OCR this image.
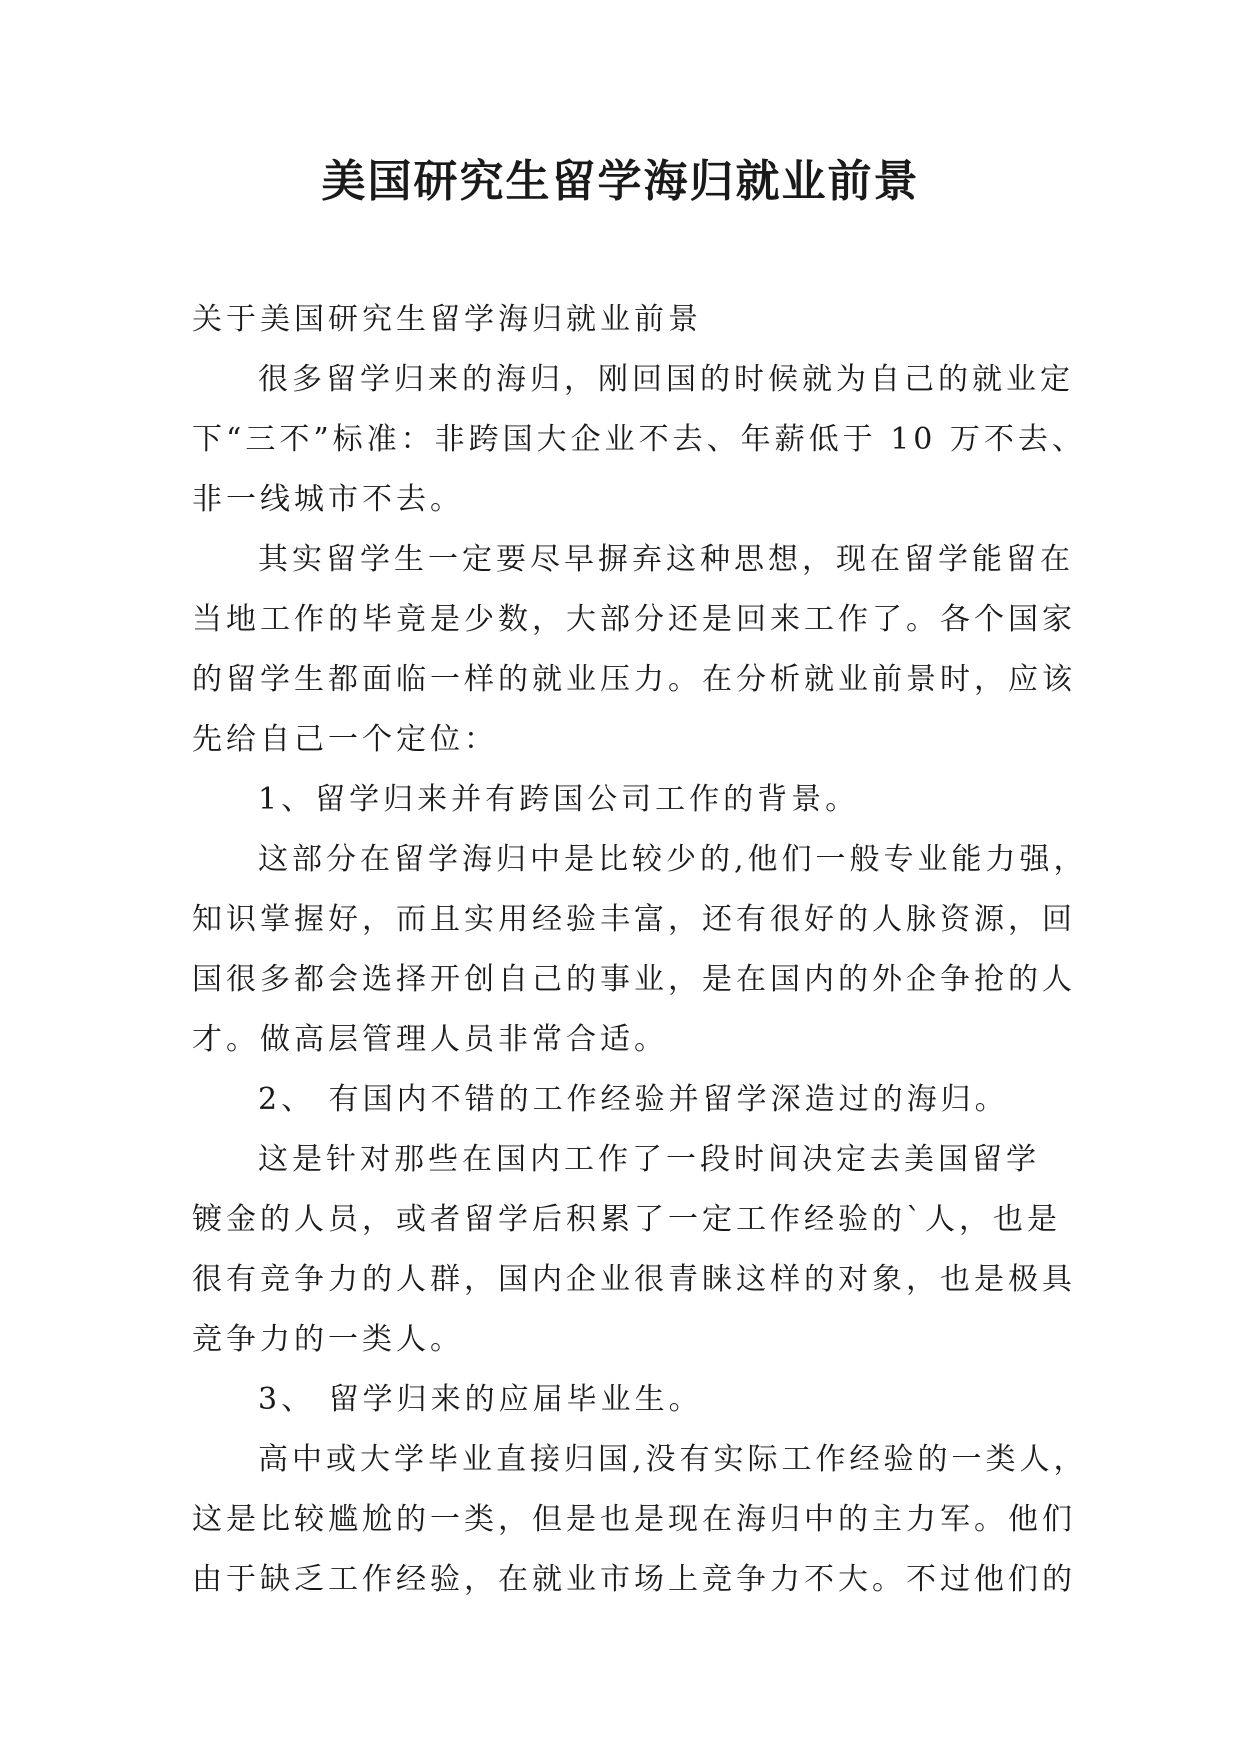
美国研究生留学海归就业前景
关于美国研究生留学海归就业前景
很多留学归来的海归，刚回国的时候就为自己的就业定
下“三不”标准：非跨国大企业不去、年薪低于 10 万不去、
非一线城市不去。
其实留学生一定要尽早摒弃这种思想，现在留学能留在
当地工作的毕竟是少数，大部分还是回来工作了。各个国家
的留学生都面临一样的就业压力。在分析就业前景时，应该
先给自己一个定位：
1、留学归来并有跨国公司工作的背景。
这部分在留学海归中是比较少的,他们一般专业能力强，
知识掌握好，而且实用经验丰富，还有很好的人脉资源，回
国很多都会选择开创自己的事业，是在国内的外企争抢的人
才。做高层管理人员非常合适。
2、 有国内不错的工作经验并留学深造过的海归。
这是针对那些在国内工作了一段时间决定去美国留学
镀金的人员，或者留学后积累了一定工作经验的`人，也是
很有竞争力的人群，国内企业很青睐这样的对象，也是极具
竞争力的一类人。
3、 留学归来的应届毕业生。
高中或大学毕业直接归国,没有实际工作经验的一类人，
这是比较尴尬的一类，但是也是现在海归中的主力军。他们
由于缺乏工作经验，在就业市场上竞争力不大。不过他们的
